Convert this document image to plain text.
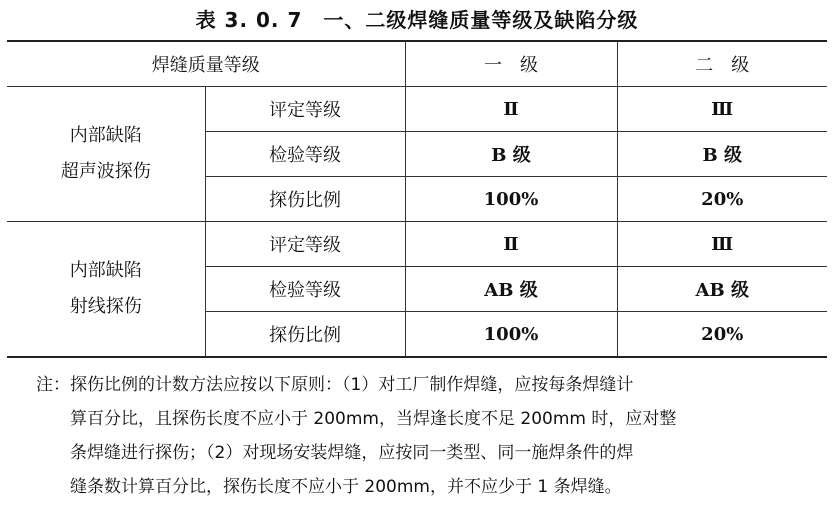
表 3. 0. 7　一、二级焊缝质量等级及缺陷分级
焊缝质量等级		一　级	二　级

内部缺陷
超声波探伤	评定等级	Ⅱ	Ⅲ
	检验等级	B 级	B 级
	探伤比例	100%	20%

内部缺陷
射线探伤	评定等级	Ⅱ	Ⅲ
	检验等级	AB 级	AB 级
	探伤比例	100%	20%
注：探伤比例的计数方法应按以下原则：（1）对工厂制作焊缝，应按每条焊缝计
算百分比，且探伤长度不应小于 200mm，当焊逢长度不足 200mm 时，应对整
条焊缝进行探伤；（2）对现场安装焊缝，应按同一类型、同一施焊条件的焊
缝条数计算百分比，探伤长度不应小于 200mm，并不应少于 1 条焊缝。
